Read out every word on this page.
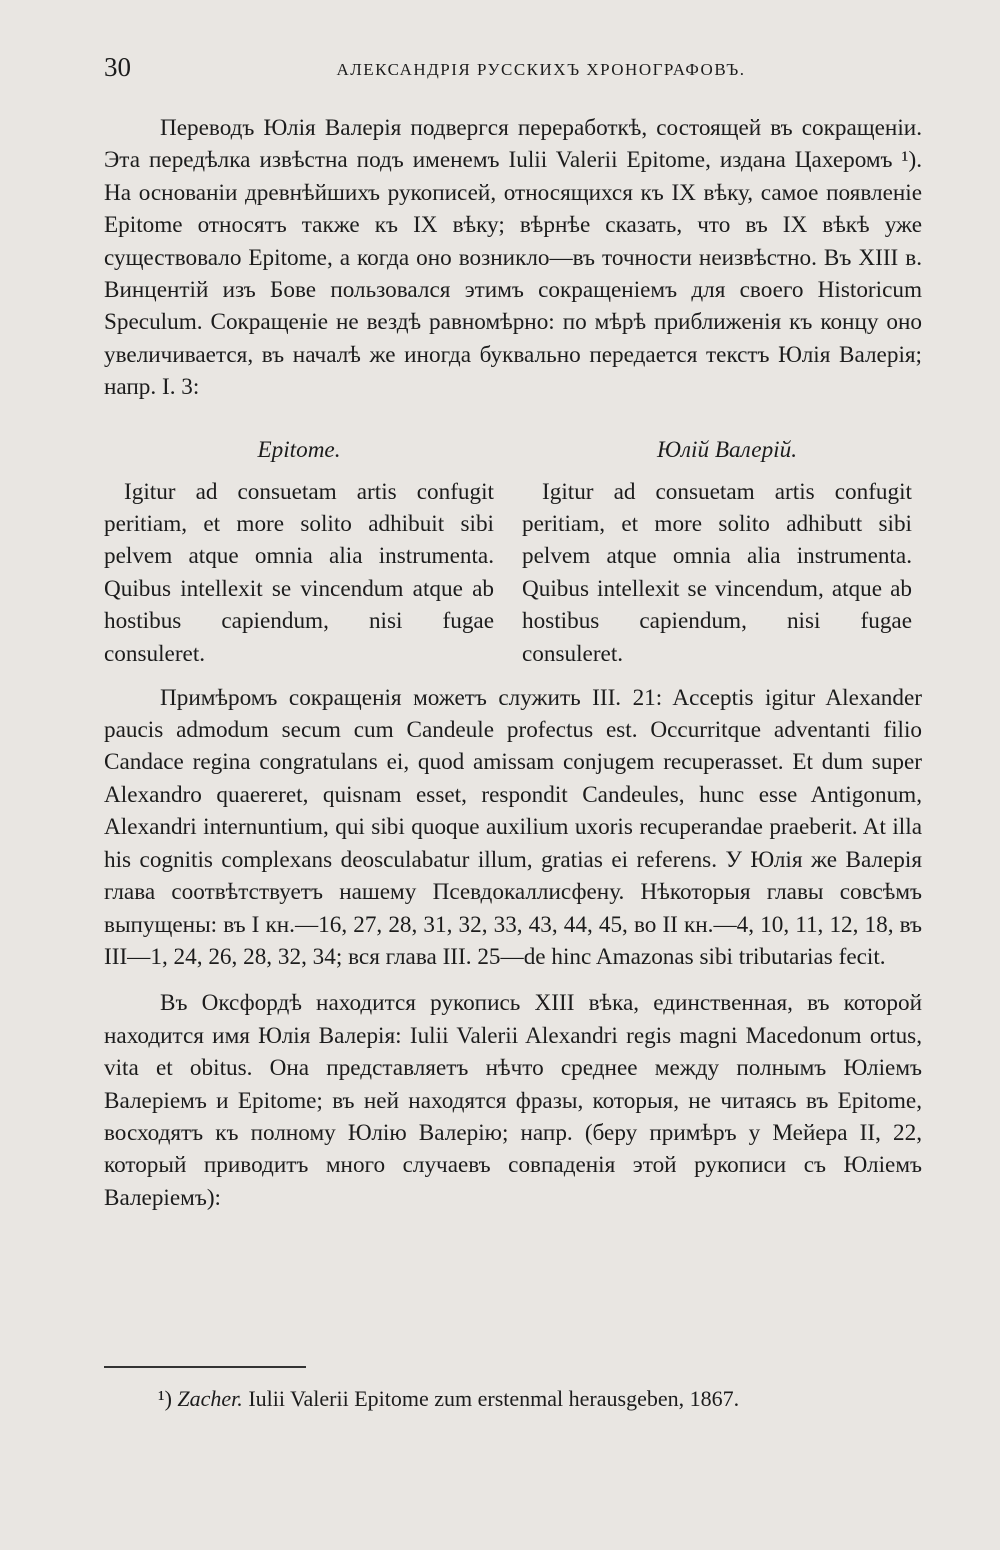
30	АЛЕКСАНДРІЯ РУССКИХЪ ХРОНОГРАФОВЪ.

Переводъ Юлія Валерія подвергся переработкѣ, состоящей въ сокращеніи. Эта передѣлка извѣстна подъ именемъ Iulii Valerii Epitome, издана Цахеромъ ¹). На основаніи древнѣйшихъ рукописей, относящихся къ IX вѣку, самое появленіе Epitome относятъ также къ IX вѣку; вѣрнѣе сказать, что въ IX вѣкѣ уже существовало Epitome, а когда оно возникло—въ точности неизвѣстно. Въ XIII в. Винцентій изъ Бове пользовался этимъ сокращеніемъ для своего Historicum Speculum. Сокращеніе не вездѣ равномѣрно: по мѣрѣ приближенія къ концу оно увеличивается, въ началѣ же иногда буквально передается текстъ Юлія Валерія; напр. I. 3:

Epitome.
Igitur ad consuetam artis confugit peritiam, et more solito adhibuit sibi pelvem atque omnia alia instrumenta. Quibus intellexit se vincendum atque ab hostibus capiendum, nisi fugae consuleret.
Юлій Валерій.
Igitur ad consuetam artis confugit peritiam, et more solito adhibutt sibi pelvem atque omnia alia instrumenta. Quibus intellexit se vincendum, atque ab hostibus capiendum, nisi fugae consuleret.

Примѣромъ сокращенія можетъ служить III. 21: Acceptis igitur Alexander paucis admodum secum cum Candeule profectus est. Occurritque adventanti filio Candace regina congratulans ei, quod amissam conjugem recuperasset. Et dum super Alexandro quaereret, quisnam esset, respondit Candeules, hunc esse Antigonum, Alexandri internuntium, qui sibi quoque auxilium uxoris recuperandae praeberit. At illa his cognitis complexans deosculabatur illum, gratias ei referens. У Юлія же Валерія глава соотвѣтствуетъ нашему Псевдокаллисфену. Нѣкоторыя главы совсѣмъ выпущены: въ I кн.—16, 27, 28, 31, 32, 33, 43, 44, 45, во II кн.—4, 10, 11, 12, 18, въ III—1, 24, 26, 28, 32, 34; вся глава III. 25—de hinc Amazonas sibi tributarias fecit.

Въ Оксфордѣ находится рукопись XIII вѣка, единственная, въ которой находится имя Юлія Валерія: Iulii Valerii Alexandri regis magni Macedonum ortus, vita et obitus. Она представляетъ нѣчто среднее между полнымъ Юліемъ Валеріемъ и Epitome; въ ней находятся фразы, которыя, не читаясь въ Epitome, восходятъ къ полному Юлію Валерію; напр. (беру примѣръ у Мейера II, 22, который приводитъ много случаевъ совпаденія этой рукописи съ Юліемъ Валеріемъ):

¹) Zacher. Iulii Valerii Epitome zum erstenmal herausgeben, 1867.
